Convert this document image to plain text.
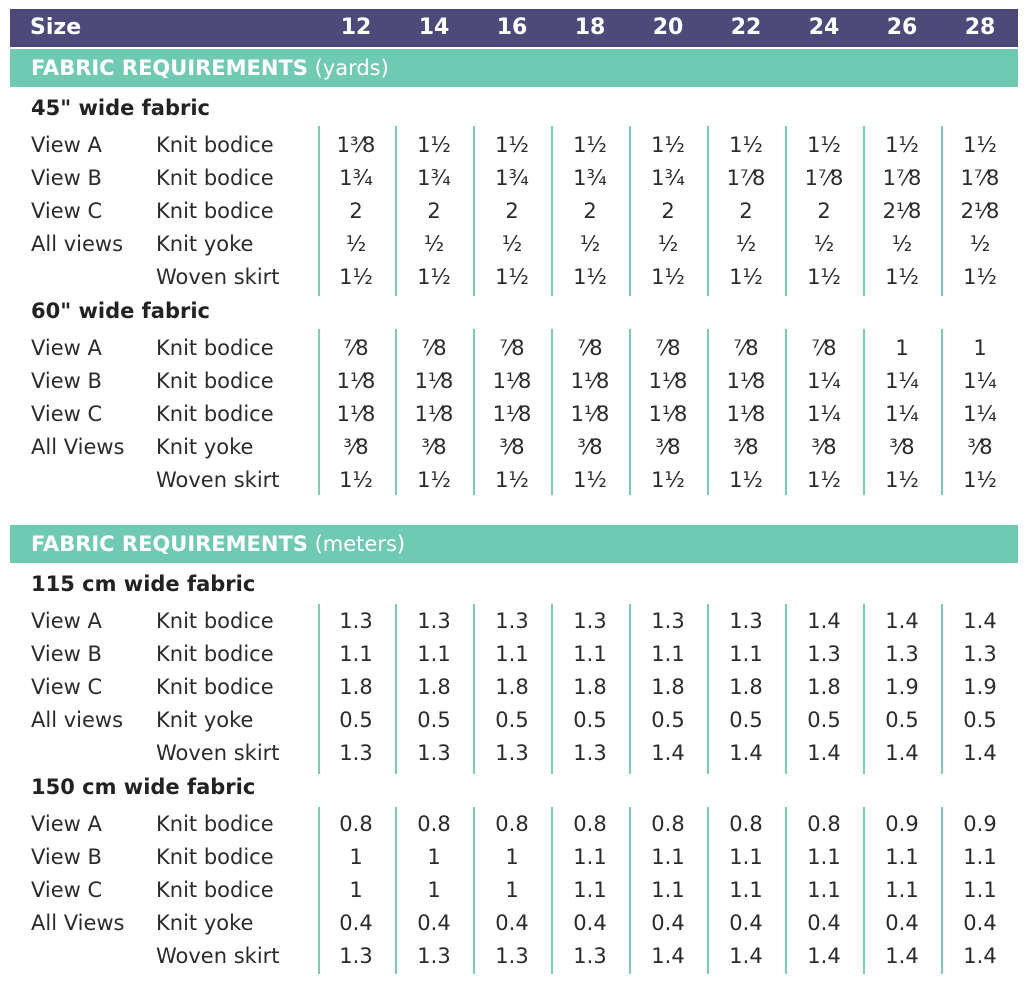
Size	12	14	16	18	20	22	24	26	28
FABRIC REQUIREMENTS (yards)
45" wide fabric
View A	Knit bodice	1³⁄8	1½	1½	1½	1½	1½	1½	1½	1½
View B	Knit bodice	1¾	1¾	1¾	1¾	1¾	1⁷⁄8	1⁷⁄8	1⁷⁄8	1⁷⁄8
View C	Knit bodice	2	2	2	2	2	2	2	2¹⁄8	2¹⁄8
All views Knit yoke	½	½	½	½	½	½	½	½	½
Woven skirt	1½	1½	1½	1½	1½	1½	1½	1½	1½
60" wide fabric
View A	Knit bodice	⁷⁄8	⁷⁄8	⁷⁄8	⁷⁄8	⁷⁄8	⁷⁄8	⁷⁄8	1	1
View B	Knit bodice	1¹⁄8	1¹⁄8	1¹⁄8	1¹⁄8	1¹⁄8	1¹⁄8	1¼	1¼	1¼
View C	Knit bodice	1¹⁄8	1¹⁄8	1¹⁄8	1¹⁄8	1¹⁄8	1¹⁄8	1¼	1¼	1¼
All Views Knit yoke	³⁄8	³⁄8	³⁄8	³⁄8	³⁄8	³⁄8	³⁄8	³⁄8	³⁄8
Woven skirt	1½	1½	1½	1½	1½	1½	1½	1½	1½
FABRIC REQUIREMENTS (meters)
115 cm wide fabric
View A	Knit bodice	1.3	1.3	1.3	1.3	1.3	1.3	1.4	1.4	1.4
View B	Knit bodice	1.1	1.1	1.1	1.1	1.1	1.1	1.3	1.3	1.3
View C	Knit bodice	1.8	1.8	1.8	1.8	1.8	1.8	1.8	1.9	1.9
All views Knit yoke	0.5	0.5	0.5	0.5	0.5	0.5	0.5	0.5	0.5
Woven skirt	1.3	1.3	1.3	1.3	1.4	1.4	1.4	1.4	1.4
150 cm wide fabric
View A	Knit bodice	0.8	0.8	0.8	0.8	0.8	0.8	0.8	0.9	0.9
View B	Knit bodice	1	1	1	1.1	1.1	1.1	1.1	1.1	1.1
View C	Knit bodice	1	1	1	1.1	1.1	1.1	1.1	1.1	1.1
All Views Knit yoke	0.4	0.4	0.4	0.4	0.4	0.4	0.4	0.4	0.4
Woven skirt	1.3	1.3	1.3	1.3	1.4	1.4	1.4	1.4	1.4
